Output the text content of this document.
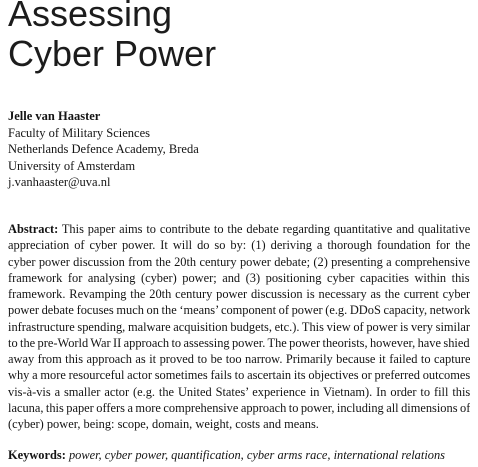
Assessing
Cyber Power
Jelle van Haaster
Faculty of Military Sciences
Netherlands Defence Academy, Breda
University of Amsterdam
j.vanhaaster@uva.nl
Abstract: This paper aims to contribute to the debate regarding quantitative and qualitative
appreciation of cyber power. It will do so by: (1) deriving a thorough foundation for the
cyber power discussion from the 20th century power debate; (2) presenting a comprehensive
framework for analysing (cyber) power; and (3) positioning cyber capacities within this
framework. Revamping the 20th century power discussion is necessary as the current cyber
power debate focuses much on the ‘means’ component of power (e.g. DDoS capacity, network
infrastructure spending, malware acquisition budgets, etc.). This view of power is very similar
to the pre-World War II approach to assessing power. The power theorists, however, have shied
away from this approach as it proved to be too narrow. Primarily because it failed to capture
why a more resourceful actor sometimes fails to ascertain its objectives or preferred outcomes
vis-à-vis a smaller actor (e.g. the United States’ experience in Vietnam). In order to fill this
lacuna, this paper offers a more comprehensive approach to power, including all dimensions of
(cyber) power, being: scope, domain, weight, costs and means.
Keywords: power, cyber power, quantification, cyber arms race, international relations
